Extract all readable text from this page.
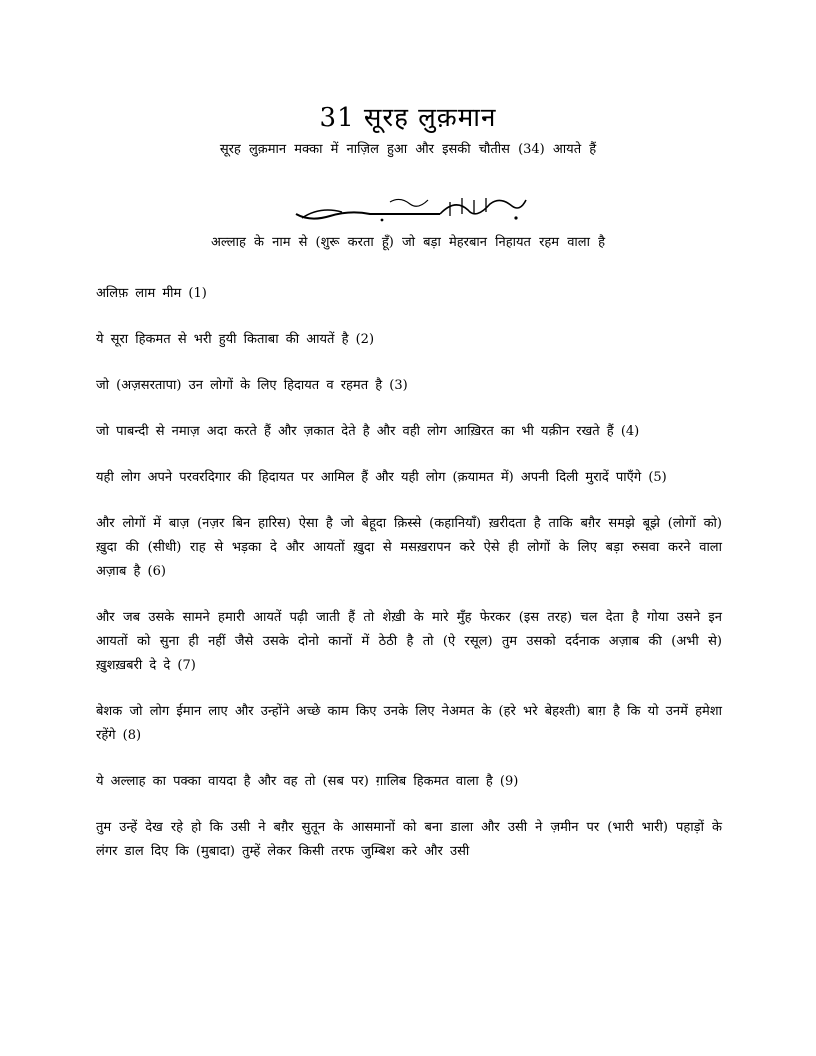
31 सूरह लुक़मान
सूरह लुक़मान मक्का में नाज़िल हुआ और इसकी चौतीस (34) आयते हैं
अल्लाह के नाम से (शुरू करता हूँ) जो बड़ा मेहरबान निहायत रहम वाला है

अलिफ़ लाम मीम (1)

ये सूरा हिकमत से भरी हुयी किताबा की आयतें है (2)

जो (अज़सरतापा) उन लोगों के लिए हिदायत व रहमत है (3)

जो पाबन्दी से नमाज़ अदा करते हैं और ज़कात देते है और वही लोग आख़िरत का भी यक़ीन रखते हैं (4)

यही लोग अपने परवरदिगार की हिदायत पर आमिल हैं और यही लोग (क़यामत में) अपनी दिली मुरादें पाएँगे (5)

और लोगों में बाज़ (नज़र बिन हारिस) ऐसा है जो बेहूदा क़िस्से (कहानियाँ) ख़रीदता है ताकि बग़ैर समझे बूझे (लोगों को) ख़ुदा की (सीधी) राह से भड़का दे और आयतों ख़ुदा से मसख़रापन करे ऐसे ही लोगों के लिए बड़ा रुसवा करने वाला अज़ाब है (6)

और जब उसके सामने हमारी आयतें पढ़ी जाती हैं तो शेख़ी के मारे मुँह फेरकर (इस तरह) चल देता है गोया उसने इन आयतों को सुना ही नहीं जैसे उसके दोनो कानों में ठेठी है तो (ऐ रसूल) तुम उसको दर्दनाक अज़ाब की (अभी से) ख़ुशख़बरी दे दे (7)

बेशक जो लोग ईमान लाए और उन्होंने अच्छे काम किए उनके लिए नेअमत के (हरे भरे बेहश्ती) बाग़ है कि यो उनमें हमेशा रहेंगे (8)

ये अल्लाह का पक्का वायदा है और वह तो (सब पर) ग़ालिब हिकमत वाला है (9)

तुम उन्हें देख रहे हो कि उसी ने बग़ैर सुतून के आसमानों को बना डाला और उसी ने ज़मीन पर (भारी भारी) पहाड़ों के लंगर डाल दिए कि (मुबादा) तुम्हें लेकर किसी तरफ जुम्बिश करे और उसी
